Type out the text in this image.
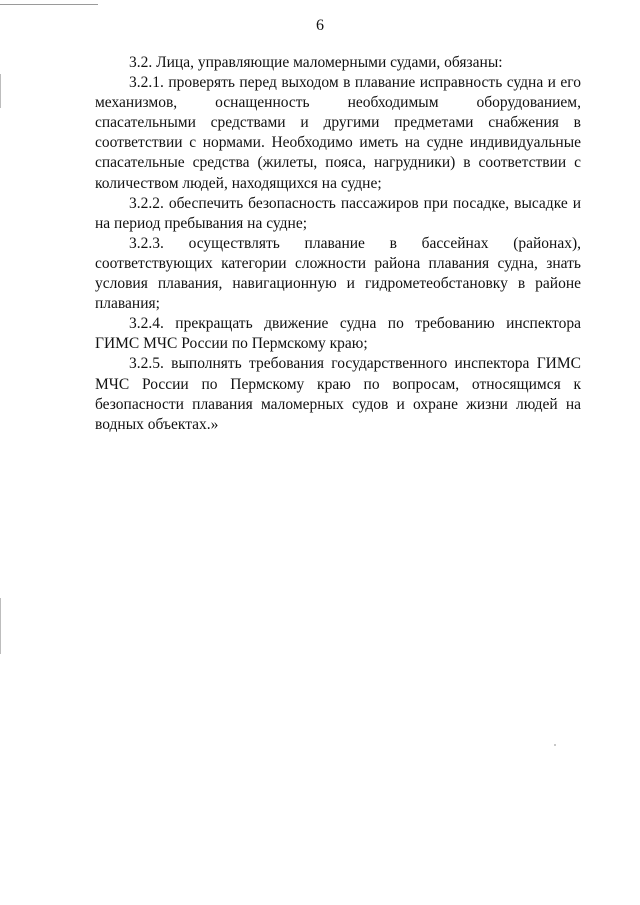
6

3.2. Лица, управляющие маломерными судами, обязаны:

3.2.1. проверять перед выходом в плавание исправность судна и его механизмов, оснащенность необходимым оборудованием, спасательными средствами и другими предметами снабжения в соответствии с нормами. Необходимо иметь на судне индивидуальные спасательные средства (жилеты, пояса, нагрудники) в соответствии с количеством людей, находящихся на судне;

3.2.2. обеспечить безопасность пассажиров при посадке, высадке и на период пребывания на судне;

3.2.3. осуществлять плавание в бассейнах (районах), соответствующих категории сложности района плавания судна, знать условия плавания, навигационную и гидрометеобстановку в районе плавания;

3.2.4. прекращать движение судна по требованию инспектора ГИМС МЧС России по Пермскому краю;

3.2.5. выполнять требования государственного инспектора ГИМС МЧС России по Пермскому краю по вопросам, относящимся к безопасности плавания маломерных судов и охране жизни людей на водных объектах.»
